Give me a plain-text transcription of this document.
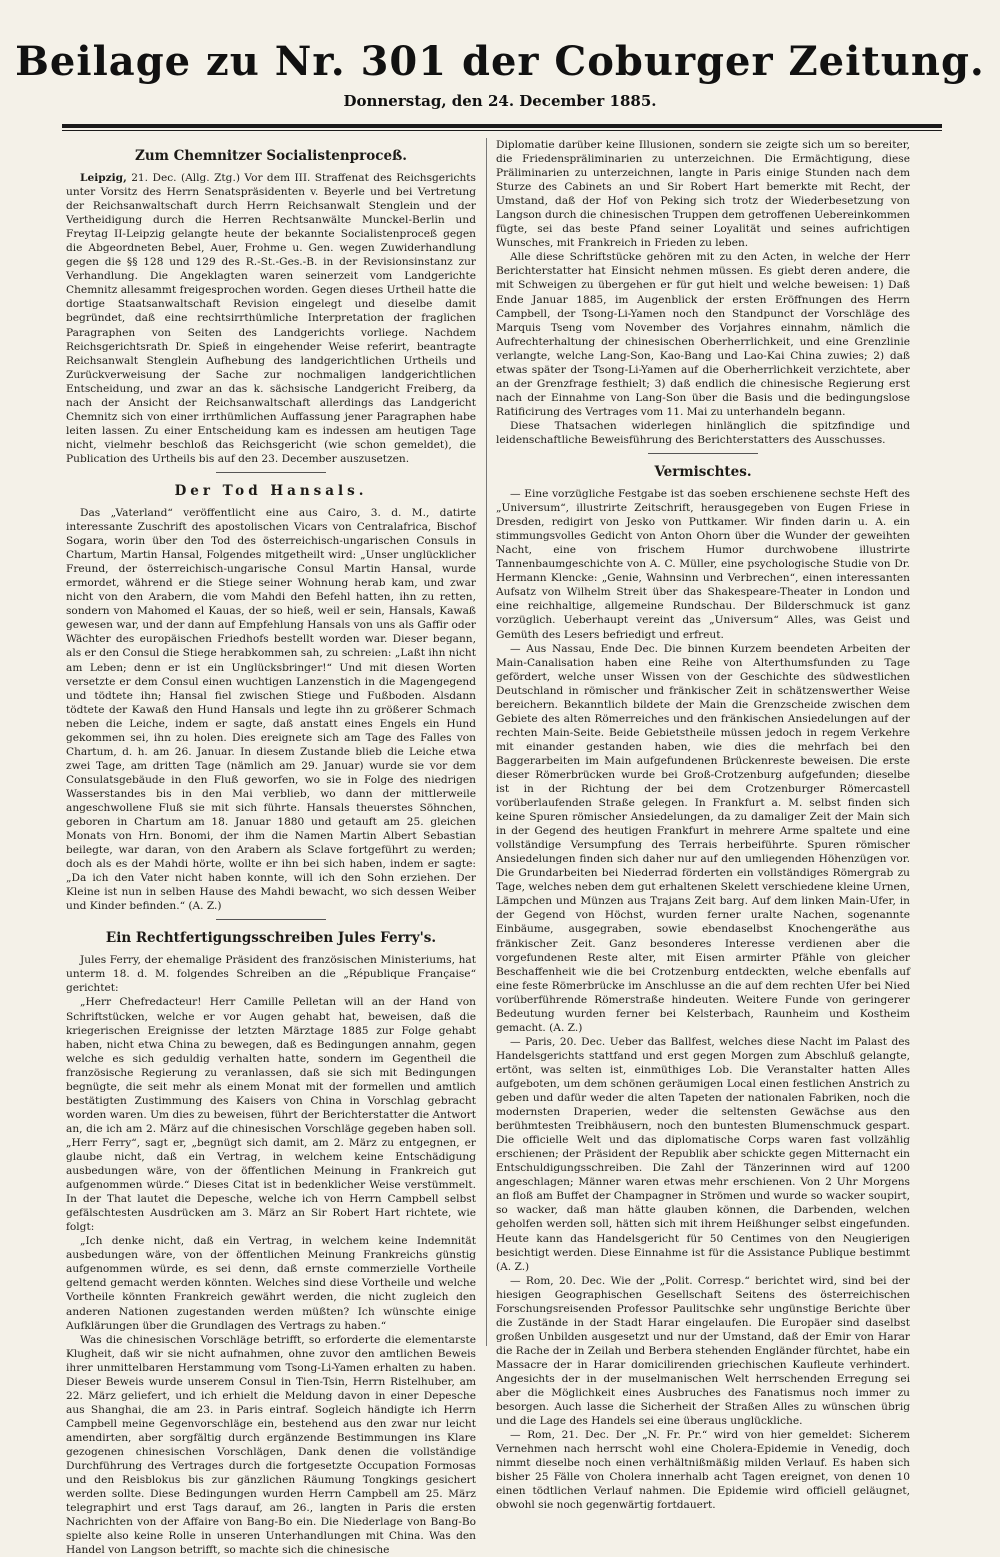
Beilage zu Nr. 301 der Coburger Zeitung.
Donnerstag, den 24. December 1885.
Zum Chemnitzer Socialistenproceß.

Leipzig, 21. Dec. (Allg. Ztg.) Vor dem III. Straffenat des Reichsgerichts unter Vorsitz des Herrn Senatspräsidenten v. Beyerle und bei Vertretung der Reichsanwaltschaft durch Herrn Reichsanwalt Stenglein und der Vertheidigung durch die Herren Rechtsanwälte Munckel-Berlin und Freytag II-Leipzig gelangte heute der bekannte Socialistenproceß gegen die Abgeordneten Bebel, Auer, Frohme u. Gen. wegen Zuwiderhandlung gegen die §§ 128 und 129 des R.-St.-Ges.-B. in der Revisionsinstanz zur Verhandlung. Die Angeklagten waren seinerzeit vom Landgerichte Chemnitz allesammt freigesprochen worden. Gegen dieses Urtheil hatte die dortige Staatsanwaltschaft Revision eingelegt und dieselbe damit begründet, daß eine rechtsirrthümliche Interpretation der fraglichen Paragraphen von Seiten des Landgerichts vorliege. Nachdem Reichsgerichtsrath Dr. Spieß in eingehender Weise referirt, beantragte Reichsanwalt Stenglein Aufhebung des landgerichtlichen Urtheils und Zurückverweisung der Sache zur nochmaligen landgerichtlichen Entscheidung, und zwar an das k. sächsische Landgericht Freiberg, da nach der Ansicht der Reichsanwaltschaft allerdings das Landgericht Chemnitz sich von einer irrthümlichen Auffassung jener Paragraphen habe leiten lassen. Zu einer Entscheidung kam es indessen am heutigen Tage nicht, vielmehr beschloß das Reichsgericht (wie schon gemeldet), die Publication des Urtheils bis auf den 23. December auszusetzen.

Der Tod Hansals.

Das „Vaterland“ veröffentlicht eine aus Cairo, 3. d. M., datirte interessante Zuschrift des apostolischen Vicars von Centralafrica, Bischof Sogara, worin über den Tod des österreichisch-ungarischen Consuls in Chartum, Martin Hansal, Folgendes mitgetheilt wird: „Unser unglücklicher Freund, der österreichisch-ungarische Consul Martin Hansal, wurde ermordet, während er die Stiege seiner Wohnung herab kam, und zwar nicht von den Arabern, die vom Mahdi den Befehl hatten, ihn zu retten, sondern von Mahomed el Kauas, der so hieß, weil er sein, Hansals, Kawaß gewesen war, und der dann auf Empfehlung Hansals von uns als Gaffir oder Wächter des europäischen Friedhofs bestellt worden war. Dieser begann, als er den Consul die Stiege herabkommen sah, zu schreien: „Laßt ihn nicht am Leben; denn er ist ein Unglücksbringer!“ Und mit diesen Worten versetzte er dem Consul einen wuchtigen Lanzenstich in die Magengegend und tödtete ihn; Hansal fiel zwischen Stiege und Fußboden. Alsdann tödtete der Kawaß den Hund Hansals und legte ihn zu größerer Schmach neben die Leiche, indem er sagte, daß anstatt eines Engels ein Hund gekommen sei, ihn zu holen. Dies ereignete sich am Tage des Falles von Chartum, d. h. am 26. Januar. In diesem Zustande blieb die Leiche etwa zwei Tage, am dritten Tage (nämlich am 29. Januar) wurde sie vor dem Consulatsgebäude in den Fluß geworfen, wo sie in Folge des niedrigen Wasserstandes bis in den Mai verblieb, wo dann der mittlerweile angeschwollene Fluß sie mit sich führte. Hansals theuerstes Söhnchen, geboren in Chartum am 18. Januar 1880 und getauft am 25. gleichen Monats von Hrn. Bonomi, der ihm die Namen Martin Albert Sebastian beilegte, war daran, von den Arabern als Sclave fortgeführt zu werden; doch als es der Mahdi hörte, wollte er ihn bei sich haben, indem er sagte: „Da ich den Vater nicht haben konnte, will ich den Sohn erziehen. Der Kleine ist nun in selben Hause des Mahdi bewacht, wo sich dessen Weiber und Kinder befinden.“ (A. Z.)

Ein Rechtfertigungsschreiben Jules Ferry's.

Jules Ferry, der ehemalige Präsident des französischen Ministeriums, hat unterm 18. d. M. folgendes Schreiben an die „République Française“ gerichtet:

„Herr Chefredacteur! Herr Camille Pelletan will an der Hand von Schriftstücken, welche er vor Augen gehabt hat, beweisen, daß die kriegerischen Ereignisse der letzten Märztage 1885 zur Folge gehabt haben, nicht etwa China zu bewegen, daß es Bedingungen annahm, gegen welche es sich geduldig verhalten hatte, sondern im Gegentheil die französische Regierung zu veranlassen, daß sie sich mit Bedingungen begnügte, die seit mehr als einem Monat mit der formellen und amtlich bestätigten Zustimmung des Kaisers von China in Vorschlag gebracht worden waren. Um dies zu beweisen, führt der Berichterstatter die Antwort an, die ich am 2. März auf die chinesischen Vorschläge gegeben haben soll. „Herr Ferry“, sagt er, „begnügt sich damit, am 2. März zu entgegnen, er glaube nicht, daß ein Vertrag, in welchem keine Entschädigung ausbedungen wäre, von der öffentlichen Meinung in Frankreich gut aufgenommen würde.“ Dieses Citat ist in bedenklicher Weise verstümmelt. In der That lautet die Depesche, welche ich von Herrn Campbell selbst gefälschtesten Ausdrücken am 3. März an Sir Robert Hart richtete, wie folgt:

„Ich denke nicht, daß ein Vertrag, in welchem keine Indemnität ausbedungen wäre, von der öffentlichen Meinung Frankreichs günstig aufgenommen würde, es sei denn, daß ernste commerzielle Vortheile geltend gemacht werden könnten. Welches sind diese Vortheile und welche Vortheile könnten Frankreich gewährt werden, die nicht zugleich den anderen Nationen zugestanden werden müßten? Ich wünschte einige Aufklärungen über die Grundlagen des Vertrags zu haben.“

Was die chinesischen Vorschläge betrifft, so erforderte die elementarste Klugheit, daß wir sie nicht aufnahmen, ohne zuvor den amtlichen Beweis ihrer unmittelbaren Herstammung vom Tsong-Li-Yamen erhalten zu haben. Dieser Beweis wurde unserem Consul in Tien-Tsin, Herrn Ristelhuber, am 22. März geliefert, und ich erhielt die Meldung davon in einer Depesche aus Shanghai, die am 23. in Paris eintraf. Sogleich händigte ich Herrn Campbell meine Gegenvorschläge ein, bestehend aus den zwar nur leicht amendirten, aber sorgfältig durch ergänzende Bestimmungen ins Klare gezogenen chinesischen Vorschlägen, Dank denen die vollständige Durchführung des Vertrages durch die fortgesetzte Occupation Formosas und den Reisblokus bis zur gänzlichen Räumung Tongkings gesichert werden sollte. Diese Bedingungen wurden Herrn Campbell am 25. März telegraphirt und erst Tags darauf, am 26., langten in Paris die ersten Nachrichten von der Affaire von Bang-Bo ein. Die Niederlage von Bang-Bo spielte also keine Rolle in unseren Unterhandlungen mit China. Was den Handel von Langson betrifft, so machte sich die chinesische

Diplomatie darüber keine Illusionen, sondern sie zeigte sich um so bereiter, die Friedenspräliminarien zu unterzeichnen. Die Ermächtigung, diese Präliminarien zu unterzeichnen, langte in Paris einige Stunden nach dem Sturze des Cabinets an und Sir Robert Hart bemerkte mit Recht, der Umstand, daß der Hof von Peking sich trotz der Wiederbesetzung von Langson durch die chinesischen Truppen dem getroffenen Uebereinkommen fügte, sei das beste Pfand seiner Loyalität und seines aufrichtigen Wunsches, mit Frankreich in Frieden zu leben.

Alle diese Schriftstücke gehören mit zu den Acten, in welche der Herr Berichterstatter hat Einsicht nehmen müssen. Es giebt deren andere, die mit Schweigen zu übergehen er für gut hielt und welche beweisen: 1) Daß Ende Januar 1885, im Augenblick der ersten Eröffnungen des Herrn Campbell, der Tsong-Li-Yamen noch den Standpunct der Vorschläge des Marquis Tseng vom November des Vorjahres einnahm, nämlich die Aufrechterhaltung der chinesischen Oberherrlichkeit, und eine Grenzlinie verlangte, welche Lang-Son, Kao-Bang und Lao-Kai China zuwies; 2) daß etwas später der Tsong-Li-Yamen auf die Oberherrlichkeit verzichtete, aber an der Grenzfrage festhielt; 3) daß endlich die chinesische Regierung erst nach der Einnahme von Lang-Son über die Basis und die bedingungslose Ratificirung des Vertrages vom 11. Mai zu unterhandeln begann.

Diese Thatsachen widerlegen hinlänglich die spitzfindige und leidenschaftliche Beweisführung des Berichterstatters des Ausschusses.

Vermischtes.

— Eine vorzügliche Festgabe ist das soeben erschienene sechste Heft des „Universum“, illustrirte Zeitschrift, herausgegeben von Eugen Friese in Dresden, redigirt von Jesko von Puttkamer. Wir finden darin u. A. ein stimmungsvolles Gedicht von Anton Ohorn über die Wunder der geweihten Nacht, eine von frischem Humor durchwobene illustrirte Tannenbaumgeschichte von A. C. Müller, eine psychologische Studie von Dr. Hermann Klencke: „Genie, Wahnsinn und Verbrechen“, einen interessanten Aufsatz von Wilhelm Streit über das Shakespeare-Theater in London und eine reichhaltige, allgemeine Rundschau. Der Bilderschmuck ist ganz vorzüglich. Ueberhaupt vereint das „Universum“ Alles, was Geist und Gemüth des Lesers befriedigt und erfreut.

— Aus Nassau, Ende Dec. Die binnen Kurzem beendeten Arbeiten der Main-Canalisation haben eine Reihe von Alterthumsfunden zu Tage gefördert, welche unser Wissen von der Geschichte des südwestlichen Deutschland in römischer und fränkischer Zeit in schätzenswerther Weise bereichern. Bekanntlich bildete der Main die Grenzscheide zwischen dem Gebiete des alten Römerreiches und den fränkischen Ansiedelungen auf der rechten Main-Seite. Beide Gebietstheile müssen jedoch in regem Verkehre mit einander gestanden haben, wie dies die mehrfach bei den Baggerarbeiten im Main aufgefundenen Brückenreste beweisen. Die erste dieser Römerbrücken wurde bei Groß-Crotzenburg aufgefunden; dieselbe ist in der Richtung der bei dem Crotzenburger Römercastell vorüberlaufenden Straße gelegen. In Frankfurt a. M. selbst finden sich keine Spuren römischer Ansiedelungen, da zu damaliger Zeit der Main sich in der Gegend des heutigen Frankfurt in mehrere Arme spaltete und eine vollständige Versumpfung des Terrais herbeiführte. Spuren römischer Ansiedelungen finden sich daher nur auf den umliegenden Höhenzügen vor. Die Grundarbeiten bei Niederrad förderten ein vollständiges Römergrab zu Tage, welches neben dem gut erhaltenen Skelett verschiedene kleine Urnen, Lämpchen und Münzen aus Trajans Zeit barg. Auf dem linken Main-Ufer, in der Gegend von Höchst, wurden ferner uralte Nachen, sogenannte Einbäume, ausgegraben, sowie ebendaselbst Knochengeräthe aus fränkischer Zeit. Ganz besonderes Interesse verdienen aber die vorgefundenen Reste alter, mit Eisen armirter Pfähle von gleicher Beschaffenheit wie die bei Crotzenburg entdeckten, welche ebenfalls auf eine feste Römerbrücke im Anschlusse an die auf dem rechten Ufer bei Nied vorüberführende Römerstraße hindeuten. Weitere Funde von geringerer Bedeutung wurden ferner bei Kelsterbach, Raunheim und Kostheim gemacht. (A. Z.)

— Paris, 20. Dec. Ueber das Ballfest, welches diese Nacht im Palast des Handelsgerichts stattfand und erst gegen Morgen zum Abschluß gelangte, ertönt, was selten ist, einmüthiges Lob. Die Veranstalter hatten Alles aufgeboten, um dem schönen geräumigen Local einen festlichen Anstrich zu geben und dafür weder die alten Tapeten der nationalen Fabriken, noch die modernsten Draperien, weder die seltensten Gewächse aus den berühmtesten Treibhäusern, noch den buntesten Blumenschmuck gespart. Die officielle Welt und das diplomatische Corps waren fast vollzählig erschienen; der Präsident der Republik aber schickte gegen Mitternacht ein Entschuldigungsschreiben. Die Zahl der Tänzerinnen wird auf 1200 angeschlagen; Männer waren etwas mehr erschienen. Von 2 Uhr Morgens an floß am Buffet der Champagner in Strömen und wurde so wacker soupirt, so wacker, daß man hätte glauben können, die Darbenden, welchen geholfen werden soll, hätten sich mit ihrem Heißhunger selbst eingefunden. Heute kann das Handelsgericht für 50 Centimes von den Neugierigen besichtigt werden. Diese Einnahme ist für die Assistance Publique bestimmt (A. Z.)

— Rom, 20. Dec. Wie der „Polit. Corresp.“ berichtet wird, sind bei der hiesigen Geographischen Gesellschaft Seitens des österreichischen Forschungsreisenden Professor Paulitschke sehr ungünstige Berichte über die Zustände in der Stadt Harar eingelaufen. Die Europäer sind daselbst großen Unbilden ausgesetzt und nur der Umstand, daß der Emir von Harar die Rache der in Zeilah und Berbera stehenden Engländer fürchtet, habe ein Massacre der in Harar domicilirenden griechischen Kaufleute verhindert. Angesichts der in der muselmanischen Welt herrschenden Erregung sei aber die Möglichkeit eines Ausbruches des Fanatismus noch immer zu besorgen. Auch lasse die Sicherheit der Straßen Alles zu wünschen übrig und die Lage des Handels sei eine überaus unglückliche.

— Rom, 21. Dec. Der „N. Fr. Pr.“ wird von hier gemeldet: Sicherem Vernehmen nach herrscht wohl eine Cholera-Epidemie in Venedig, doch nimmt dieselbe noch einen verhältnißmäßig milden Verlauf. Es haben sich bisher 25 Fälle von Cholera innerhalb acht Tagen ereignet, von denen 10 einen tödtlichen Verlauf nahmen. Die Epidemie wird officiell geläugnet, obwohl sie noch gegenwärtig fortdauert.
